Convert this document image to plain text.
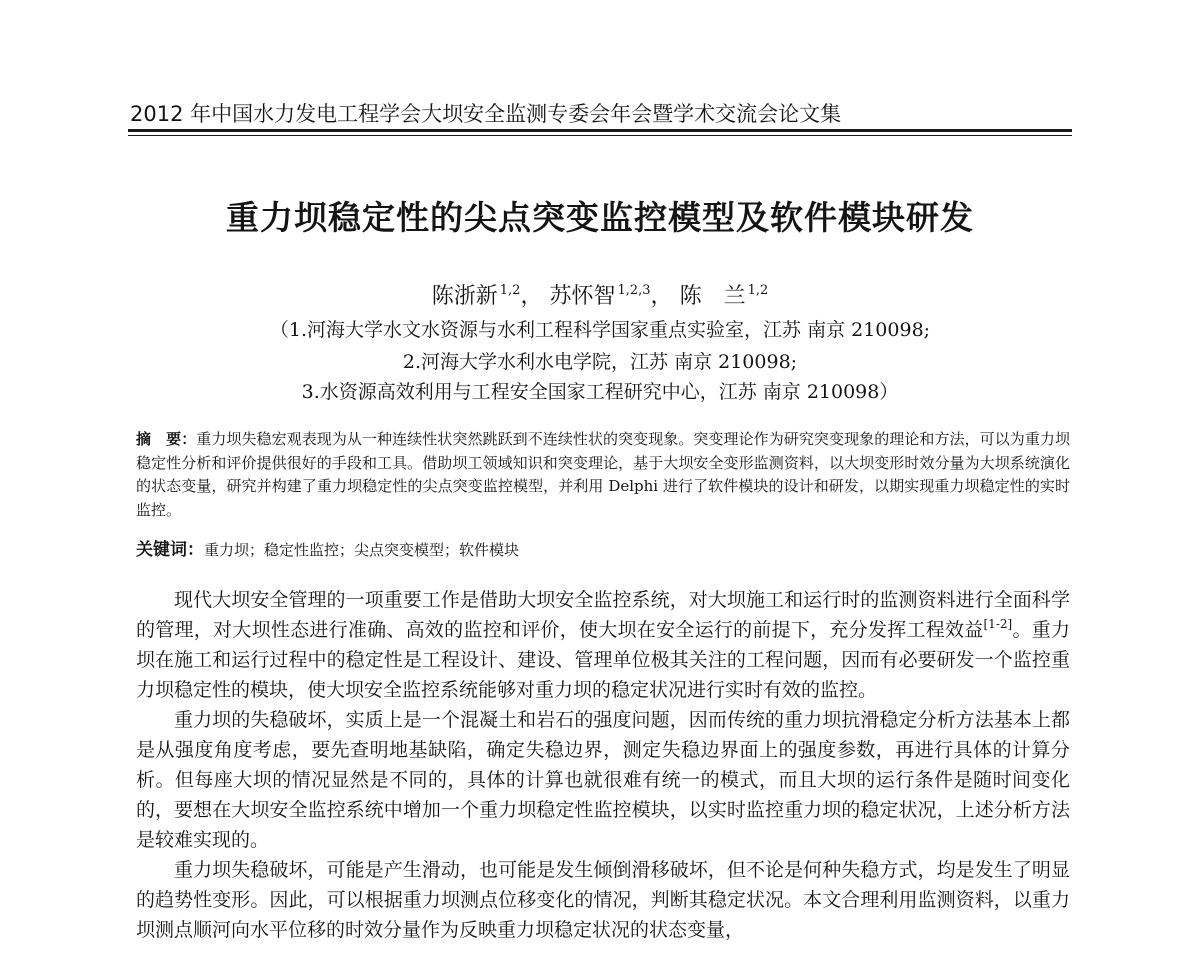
2012 年中国水力发电工程学会大坝安全监测专委会年会暨学术交流会论文集
重力坝稳定性的尖点突变监控模型及软件模块研发
陈浙新 $^{1,2}$， 苏怀智 $^{1,2,3}$， 陈　兰 $^{1,2}$
（1.河海大学水文水资源与水利工程科学国家重点实验室，江苏 南京 210098;
2.河海大学水利水电学院，江苏 南京 210098;
3.水资源高效利用与工程安全国家工程研究中心，江苏 南京 210098）
摘　要：重力坝失稳宏观表现为从一种连续性状突然跳跃到不连续性状的突变现象。突变理论作为研究突变现象的理论和方法，可以为重力坝稳定性分析和评价提供很好的手段和工具。借助坝工领域知识和突变理论，基于大坝安全变形监测资料，以大坝变形时效分量为大坝系统演化的状态变量，研究并构建了重力坝稳定性的尖点突变监控模型，并利用 Delphi 进行了软件模块的设计和研发，以期实现重力坝稳定性的实时监控。
关键词：重力坝；稳定性监控；尖点突变模型；软件模块

现代大坝安全管理的一项重要工作是借助大坝安全监控系统，对大坝施工和运行时的监测资料进行全面科学的管理，对大坝性态进行准确、高效的监控和评价，使大坝在安全运行的前提下，充分发挥工程效益[1-2]。重力坝在施工和运行过程中的稳定性是工程设计、建设、管理单位极其关注的工程问题，因而有必要研发一个监控重力坝稳定性的模块，使大坝安全监控系统能够对重力坝的稳定状况进行实时有效的监控。

重力坝的失稳破坏，实质上是一个混凝土和岩石的强度问题，因而传统的重力坝抗滑稳定分析方法基本上都是从强度角度考虑，要先查明地基缺陷，确定失稳边界，测定失稳边界面上的强度参数，再进行具体的计算分析。但每座大坝的情况显然是不同的，具体的计算也就很难有统一的模式，而且大坝的运行条件是随时间变化的，要想在大坝安全监控系统中增加一个重力坝稳定性监控模块，以实时监控重力坝的稳定状况，上述分析方法是较难实现的。

重力坝失稳破坏，可能是产生滑动，也可能是发生倾倒滑移破坏，但不论是何种失稳方式，均是发生了明显的趋势性变形。因此，可以根据重力坝测点位移变化的情况，判断其稳定状况。本文合理利用监测资料，以重力坝测点顺河向水平位移的时效分量作为反映重力坝稳定状况的状态变量，
